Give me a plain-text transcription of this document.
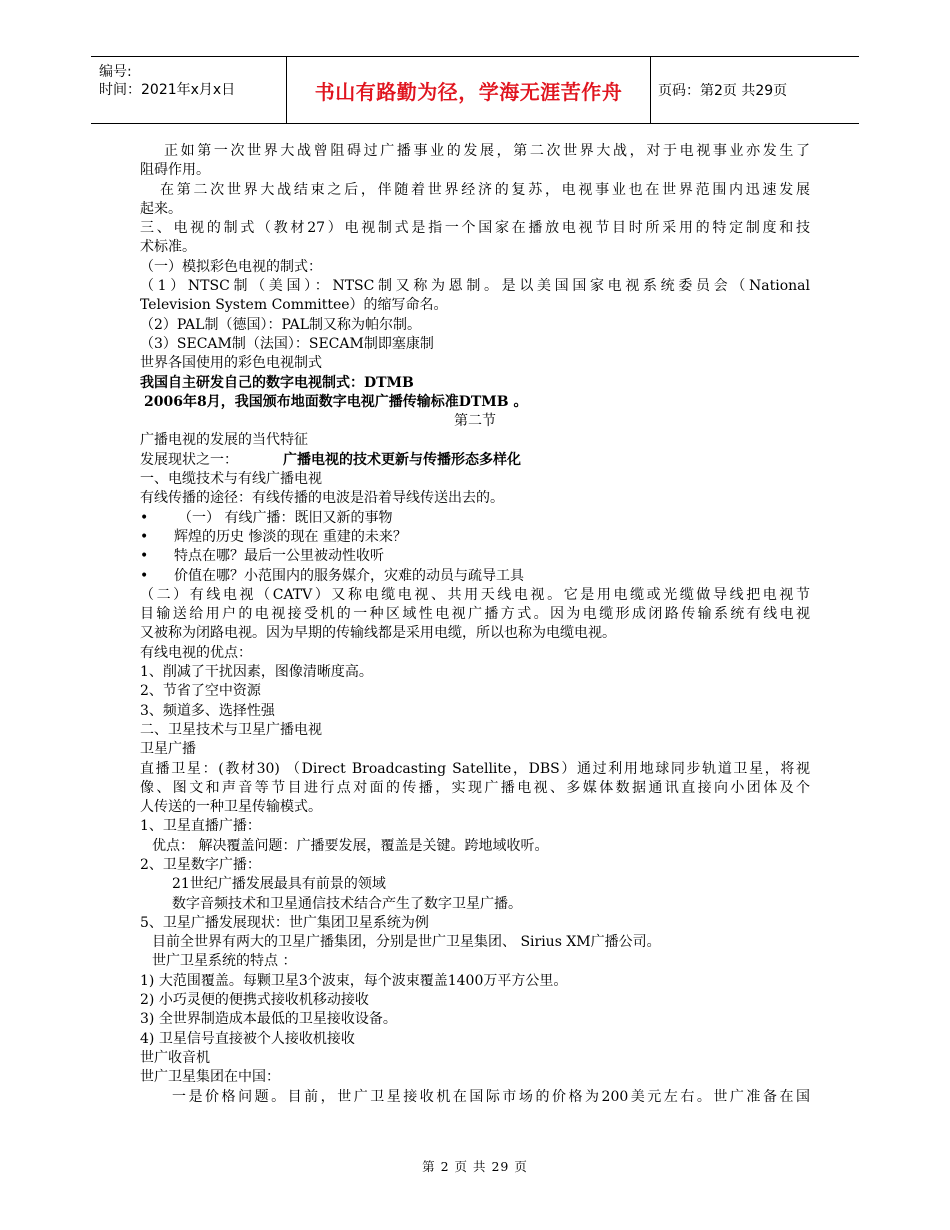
编号:
时间：2021年x月x日	书山有路勤为径，学海无涯苦作舟	页码：第2页 共29页
正如第一次世界大战曾阻碍过广播事业的发展，第二次世界大战，对于电视事业亦发生了
阻碍作用。
在第二次世界大战结束之后，伴随着世界经济的复苏，电视事业也在世界范围内迅速发展
起来。
三、电视的制式（教材27）电视制式是指一个国家在播放电视节目时所采用的特定制度和技
术标准。
（一）模拟彩色电视的制式：
（1）NTSC制（美国）：NTSC制又称为恩制。是以美国国家电视系统委员会（National
Television System Committee）的缩写命名。
（2）PAL制（德国）：PAL制又称为帕尔制。
（3）SECAM制（法国）：SECAM制即塞康制
世界各国使用的彩色电视制式
我国自主研发自己的数字电视制式：DTMB
2006年8月，我国颁布地面数字电视广播传输标准DTMB 。
第二节
广播电视的发展的当代特征
发展现状之一：	广播电视的技术更新与传播形态多样化
一、电缆技术与有线广播电视
有线传播的途径：有线传播的电波是沿着导线传送出去的。
• （一） 有线广播：既旧又新的事物
• 辉煌的历史 惨淡的现在 重建的未来？
• 特点在哪？最后一公里被动性收听
• 价值在哪？小范围内的服务媒介，灾难的动员与疏导工具
（二）有线电视（CATV）又称电缆电视、共用天线电视。它是用电缆或光缆做导线把电视节
目输送给用户的电视接受机的一种区域性电视广播方式。因为电缆形成闭路传输系统有线电视
又被称为闭路电视。因为早期的传输线都是采用电缆，所以也称为电缆电视。
有线电视的优点：
1、削减了干扰因素，图像清晰度高。
2、节省了空中资源
3、频道多、选择性强
二、卫星技术与卫星广播电视
卫星广播
直播卫星：(教材30) （Direct Broadcasting Satellite，DBS）通过利用地球同步轨道卫星，将视
像、图文和声音等节目进行点对面的传播，实现广播电视、多媒体数据通讯直接向小团体及个
人传送的一种卫星传输模式。
1、卫星直播广播：
优点： 解决覆盖问题：广播要发展，覆盖是关键。跨地域收听。
2、卫星数字广播：
21世纪广播发展最具有前景的领域
数字音频技术和卫星通信技术结合产生了数字卫星广播。
5、卫星广播发展现状：世广集团卫星系统为例
目前全世界有两大的卫星广播集团，分别是世广卫星集团、 Sirius XM广播公司。
世广卫星系统的特点 ：
1) 大范围覆盖。每颗卫星3个波束，每个波束覆盖1400万平方公里。
2) 小巧灵便的便携式接收机移动接收
3) 全世界制造成本最低的卫星接收设备。
4) 卫星信号直接被个人接收机接收
世广收音机
世广卫星集团在中国：
一是价格问题。目前，世广卫星接收机在国际市场的价格为200美元左右。世广准备在国
第 2 页 共 29 页
